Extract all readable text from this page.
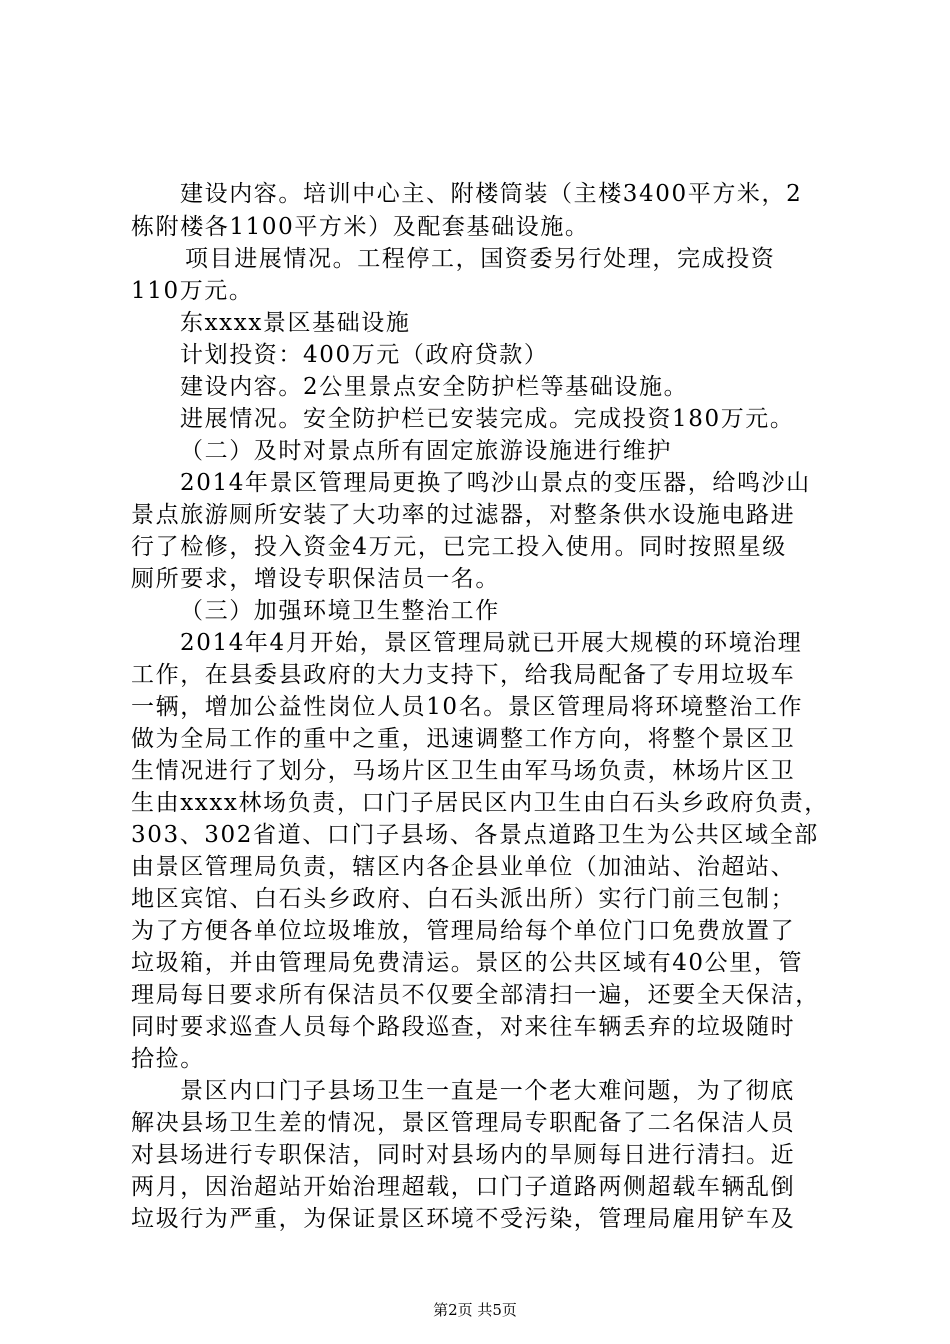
建设内容。培训中心主、附楼筒装（主楼3400平方米，2
栋附楼各1100平方米）及配套基础设施。
项目进展情况。工程停工，国资委另行处理，完成投资
110万元。
东xxxx景区基础设施
计划投资：400万元（政府贷款）
建设内容。2公里景点安全防护栏等基础设施。
进展情况。安全防护栏已安装完成。完成投资180万元。
（二）及时对景点所有固定旅游设施进行维护
2014年景区管理局更换了鸣沙山景点的变压器，给鸣沙山
景点旅游厕所安装了大功率的过滤器，对整条供水设施电路进
行了检修，投入资金4万元，已完工投入使用。同时按照星级
厕所要求，增设专职保洁员一名。
（三）加强环境卫生整治工作
2014年4月开始，景区管理局就已开展大规模的环境治理
工作，在县委县政府的大力支持下，给我局配备了专用垃圾车
一辆，增加公益性岗位人员10名。景区管理局将环境整治工作
做为全局工作的重中之重，迅速调整工作方向，将整个景区卫
生情况进行了划分，马场片区卫生由军马场负责，林场片区卫
生由xxxx林场负责，口门子居民区内卫生由白石头乡政府负责，
303、302省道、口门子县场、各景点道路卫生为公共区域全部
由景区管理局负责，辖区内各企县业单位（加油站、治超站、
地区宾馆、白石头乡政府、白石头派出所）实行门前三包制；
为了方便各单位垃圾堆放，管理局给每个单位门口免费放置了
垃圾箱，并由管理局免费清运。景区的公共区域有40公里，管
理局每日要求所有保洁员不仅要全部清扫一遍，还要全天保洁，
同时要求巡查人员每个路段巡查，对来往车辆丢弃的垃圾随时
拾捡。
景区内口门子县场卫生一直是一个老大难问题，为了彻底
解决县场卫生差的情况，景区管理局专职配备了二名保洁人员
对县场进行专职保洁，同时对县场内的旱厕每日进行清扫。近
两月，因治超站开始治理超载，口门子道路两侧超载车辆乱倒
垃圾行为严重，为保证景区环境不受污染，管理局雇用铲车及
第2页 共5页
